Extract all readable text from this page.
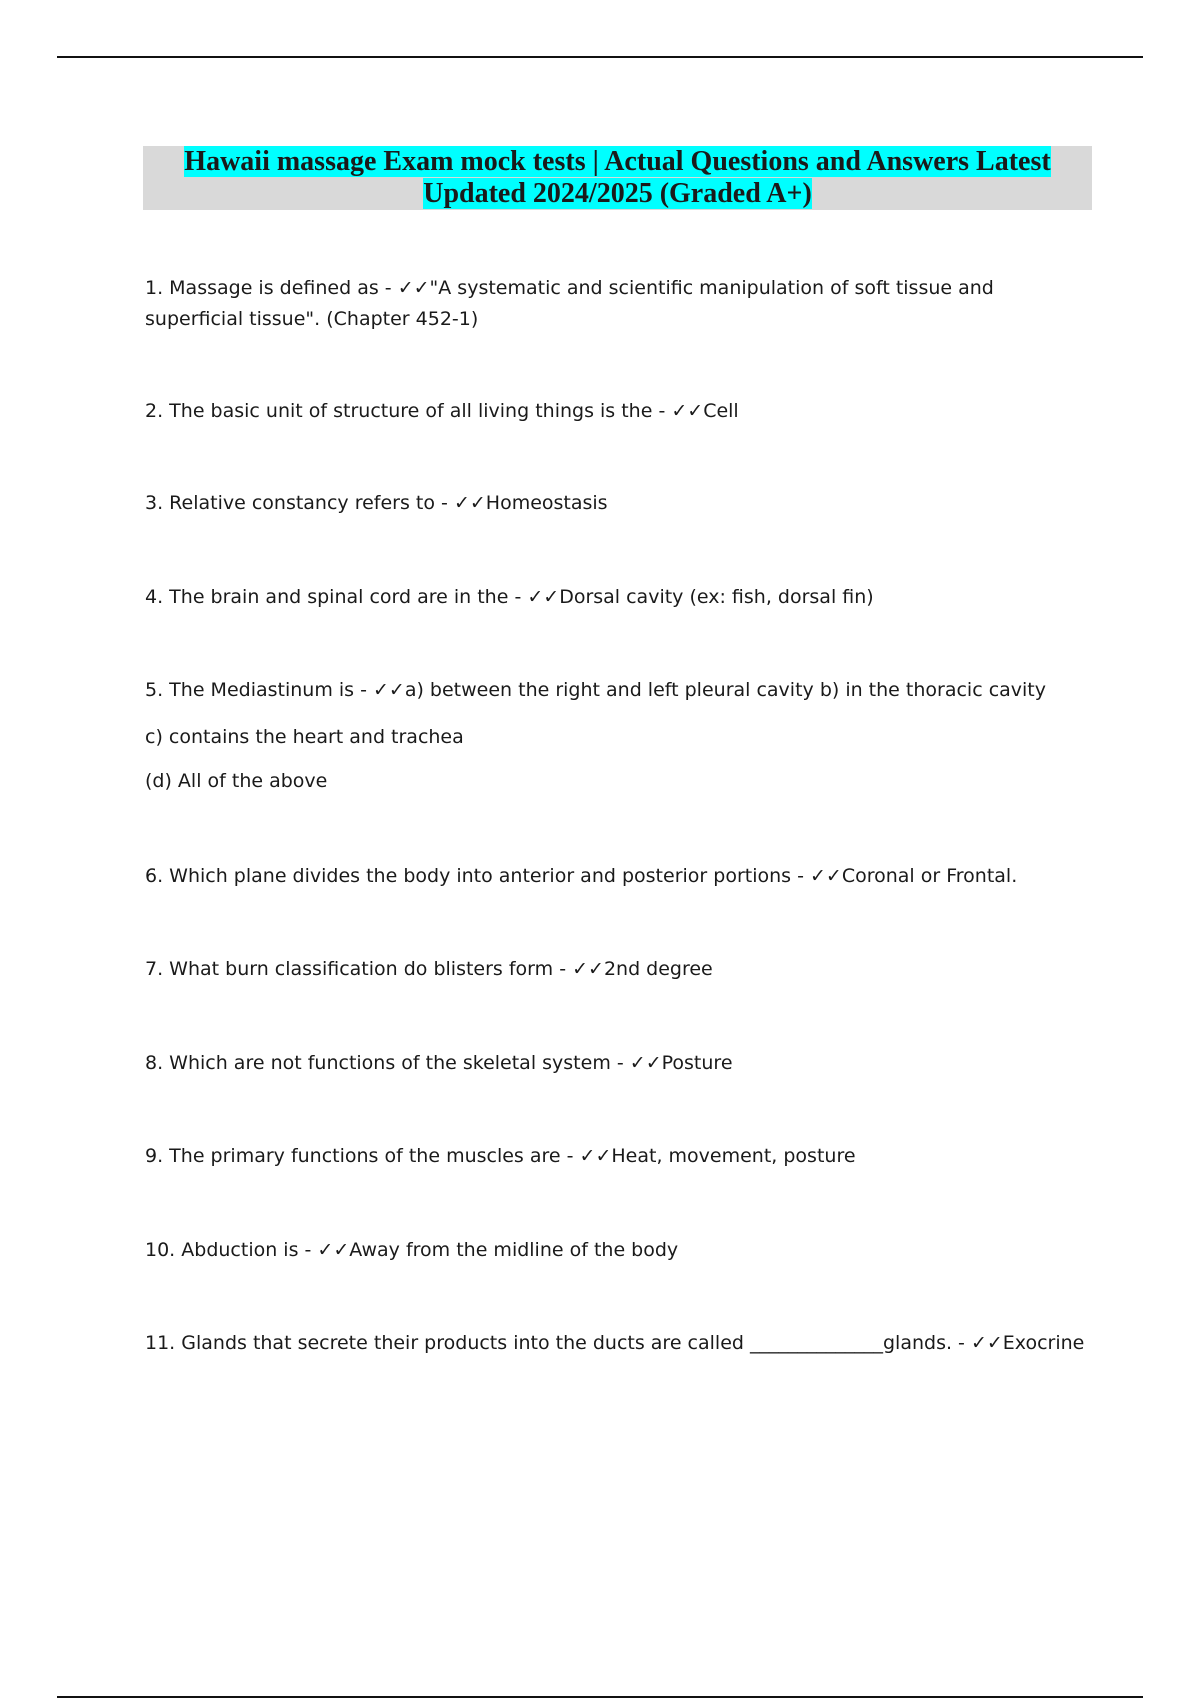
Hawaii massage Exam mock tests | Actual Questions and Answers Latest
Updated 2024/2025 (Graded A+)
1. Massage is defined as - ✓✓"A systematic and scientific manipulation of soft tissue and superficial tissue". (Chapter 452-1)
2. The basic unit of structure of all living things is the - ✓✓Cell
3. Relative constancy refers to - ✓✓Homeostasis
4. The brain and spinal cord are in the - ✓✓Dorsal cavity (ex: fish, dorsal fin)
5. The Mediastinum is - ✓✓a) between the right and left pleural cavity b) in the thoracic cavity
c) contains the heart and trachea
(d) All of the above
6. Which plane divides the body into anterior and posterior portions - ✓✓Coronal or Frontal.
7. What burn classification do blisters form - ✓✓2nd degree
8. Which are not functions of the skeletal system - ✓✓Posture
9. The primary functions of the muscles are - ✓✓Heat, movement, posture
10. Abduction is - ✓✓Away from the midline of the body
11. Glands that secrete their products into the ducts are called ______________glands. - ✓✓Exocrine
